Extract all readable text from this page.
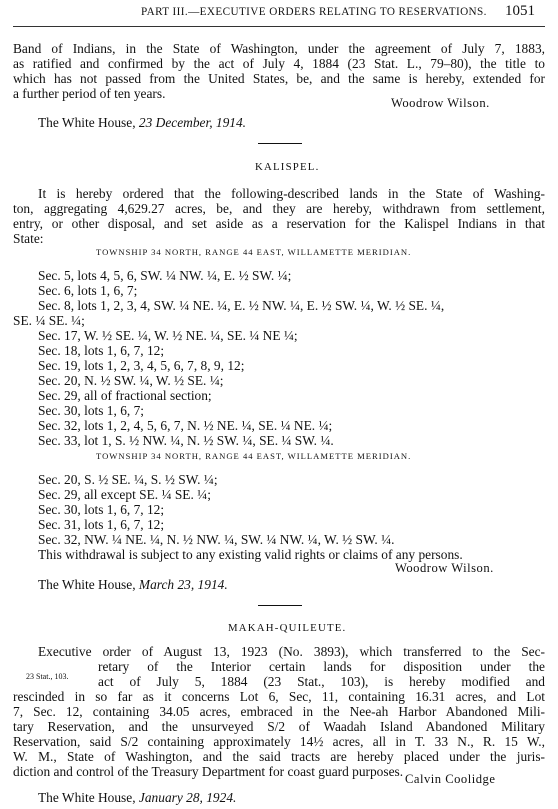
PART III.—EXECUTIVE ORDERS RELATING TO RESERVATIONS. 1051
Band of Indians, in the State of Washington, under the agreement of July 7, 1883,
as ratified and confirmed by the act of July 4, 1884 (23 Stat. L., 79–80), the title to
which has not passed from the United States, be, and the same is hereby, extended for
a further period of ten years.
Woodrow Wilson.
The White House, 23 December, 1914.
KALISPEL.
It is hereby ordered that the following-described lands in the State of Washing-
ton, aggregating 4,629.27 acres, be, and they are hereby, withdrawn from settlement,
entry, or other disposal, and set aside as a reservation for the Kalispel Indians in that
State:
TOWNSHIP 34 NORTH, RANGE 44 EAST, WILLAMETTE MERIDIAN.
Sec. 5, lots 4, 5, 6, SW. ¼ NW. ¼, E. ½ SW. ¼;
Sec. 6, lots 1, 6, 7;
Sec. 8, lots 1, 2, 3, 4, SW. ¼ NE. ¼, E. ½ NW. ¼, E. ½ SW. ¼, W. ½ SE. ¼,
SE. ¼ SE. ¼;
Sec. 17, W. ½ SE. ¼, W. ½ NE. ¼, SE. ¼ NE ¼;
Sec. 18, lots 1, 6, 7, 12;
Sec. 19, lots 1, 2, 3, 4, 5, 6, 7, 8, 9, 12;
Sec. 20, N. ½ SW. ¼, W. ½ SE. ¼;
Sec. 29, all of fractional section;
Sec. 30, lots 1, 6, 7;
Sec. 32, lots 1, 2, 4, 5, 6, 7, N. ½ NE. ¼, SE. ¼ NE. ¼;
Sec. 33, lot 1, S. ½ NW. ¼, N. ½ SW. ¼, SE. ¼ SW. ¼.
TOWNSHIP 34 NORTH, RANGE 44 EAST, WILLAMETTE MERIDIAN.
Sec. 20, S. ½ SE. ¼, S. ½ SW. ¼;
Sec. 29, all except SE. ¼ SE. ¼;
Sec. 30, lots 1, 6, 7, 12;
Sec. 31, lots 1, 6, 7, 12;
Sec. 32, NW. ¼ NE. ¼, N. ½ NW. ¼, SW. ¼ NW. ¼, W. ½ SW. ¼.
This withdrawal is subject to any existing valid rights or claims of any persons.
Woodrow Wilson.
The White House, March 23, 1914.
MAKAH-QUILEUTE.
Executive order of August 13, 1923 (No. 3893), which transferred to the Sec-
23 Stat., 103.
retary of the Interior certain lands for disposition under the
act of July 5, 1884 (23 Stat., 103), is hereby modified and
rescinded in so far as it concerns Lot 6, Sec, 11, containing 16.31 acres, and Lot
7, Sec. 12, containing 34.05 acres, embraced in the Nee-ah Harbor Abandoned Mili-
tary Reservation, and the unsurveyed S/2 of Waadah Island Abandoned Military
Reservation, said S/2 containing approximately 14½ acres, all in T. 33 N., R. 15 W.,
W. M., State of Washington, and the said tracts are hereby placed under the juris-
diction and control of the Treasury Department for coast guard purposes. Calvin Coolidge
The White House, January 28, 1924.
